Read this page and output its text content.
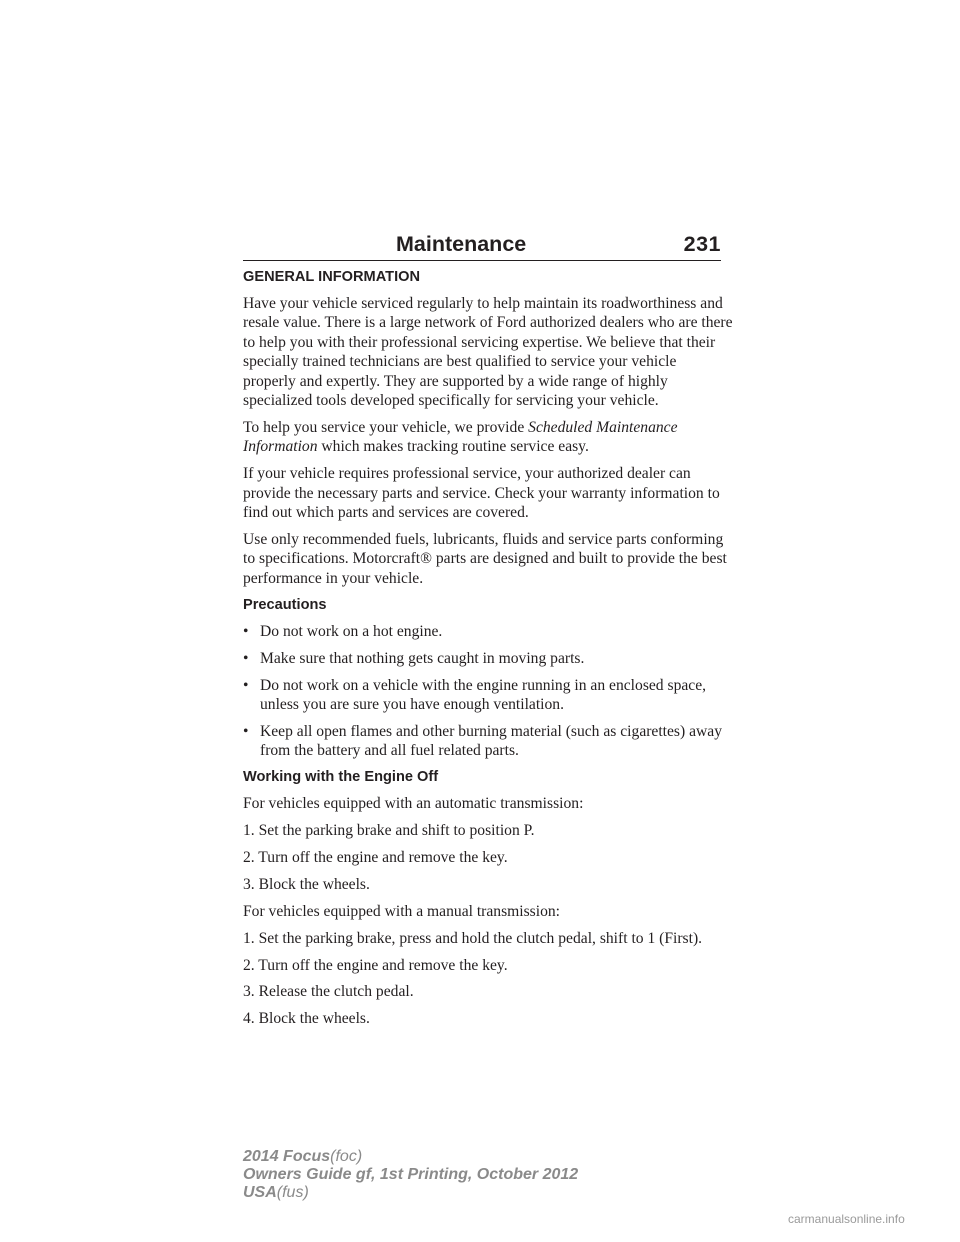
Maintenance	231
GENERAL INFORMATION

Have your vehicle serviced regularly to help maintain its roadworthiness and resale value. There is a large network of Ford authorized dealers who are there to help you with their professional servicing expertise. We believe that their specially trained technicians are best qualified to service your vehicle properly and expertly. They are supported by a wide range of highly specialized tools developed specifically for servicing your vehicle.

To help you service your vehicle, we provide Scheduled Maintenance Information which makes tracking routine service easy.

If your vehicle requires professional service, your authorized dealer can provide the necessary parts and service. Check your warranty information to find out which parts and services are covered.

Use only recommended fuels, lubricants, fluids and service parts conforming to specifications. Motorcraft® parts are designed and built to provide the best performance in your vehicle.

Precautions
• Do not work on a hot engine.
• Make sure that nothing gets caught in moving parts.
• Do not work on a vehicle with the engine running in an enclosed space, unless you are sure you have enough ventilation.
• Keep all open flames and other burning material (such as cigarettes) away from the battery and all fuel related parts.
Working with the Engine Off

For vehicles equipped with an automatic transmission:

1. Set the parking brake and shift to position P.

2. Turn off the engine and remove the key.

3. Block the wheels.

For vehicles equipped with a manual transmission:

1. Set the parking brake, press and hold the clutch pedal, shift to 1 (First).

2. Turn off the engine and remove the key.

3. Release the clutch pedal.

4. Block the wheels.

2014 Focus(foc)
Owners Guide gf, 1st Printing, October 2012
USA(fus)
carmanualsonline.info
